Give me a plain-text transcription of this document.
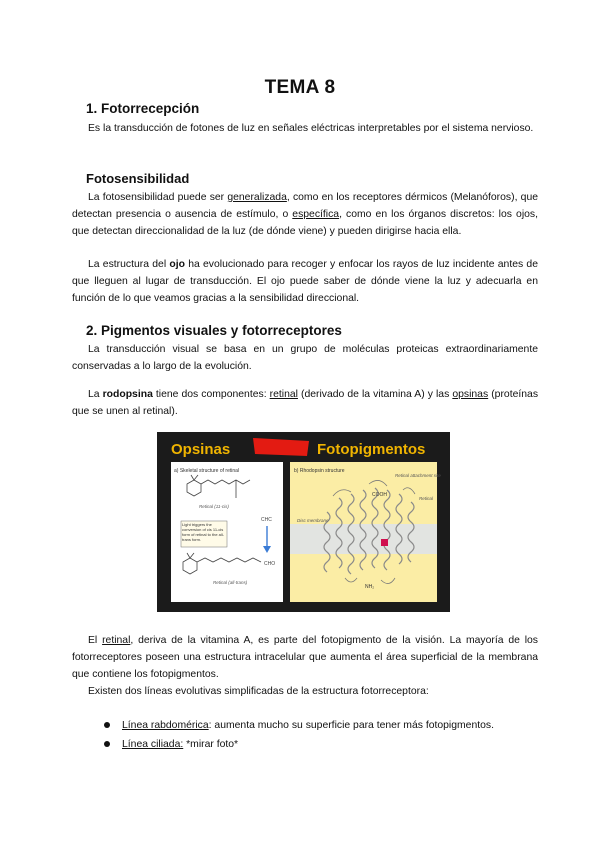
TEMA 8
1. Fotorrecepción
Es la transducción de fotones de luz en señales eléctricas interpretables por el sistema nervioso.
Fotosensibilidad
La fotosensibilidad puede ser generalizada, como en los receptores dérmicos (Melanóforos), que detectan presencia o ausencia de estímulo, o específica, como en los órganos discretos: los ojos, que detectan direccionalidad de la luz (de dónde viene) y pueden dirigirse hacia ella.
La estructura del ojo ha evolucionado para recoger y enfocar los rayos de luz incidente antes de que lleguen al lugar de transducción. El ojo puede saber de dónde viene la luz y adecuarla en función de lo que veamos gracias a la sensibilidad direccional.
2. Pigmentos visuales y fotorreceptores
La transducción visual se basa en un grupo de moléculas proteicas extraordinariamente conservadas a lo largo de la evolución.
La rodopsina tiene dos componentes: retinal (derivado de la vitamina A) y las opsinas (proteínas que se unen al retinal).
Opsinas	Fotopigmentos
a) Skeletal structure of retinal
Retinal (11-cis)
CHC
Light triggers the conversion of cis 11-cis form of retinal to the all-trans form.
CHO
Retinal (all-trans)
b) Rhodopsin structure
COOH
Retinal attachment site
Retinal
Disc membrane
NH₂
El retinal, deriva de la vitamina A, es parte del fotopigmento de la visión. La mayoría de los fotorreceptores poseen una estructura intracelular que aumenta el área superficial de la membrana que contiene los fotopigmentos.
Existen dos líneas evolutivas simplificadas de la estructura fotorreceptora:
Línea rabdomérica: aumenta mucho su superficie para tener más fotopigmentos.
Línea ciliada: *mirar foto*
